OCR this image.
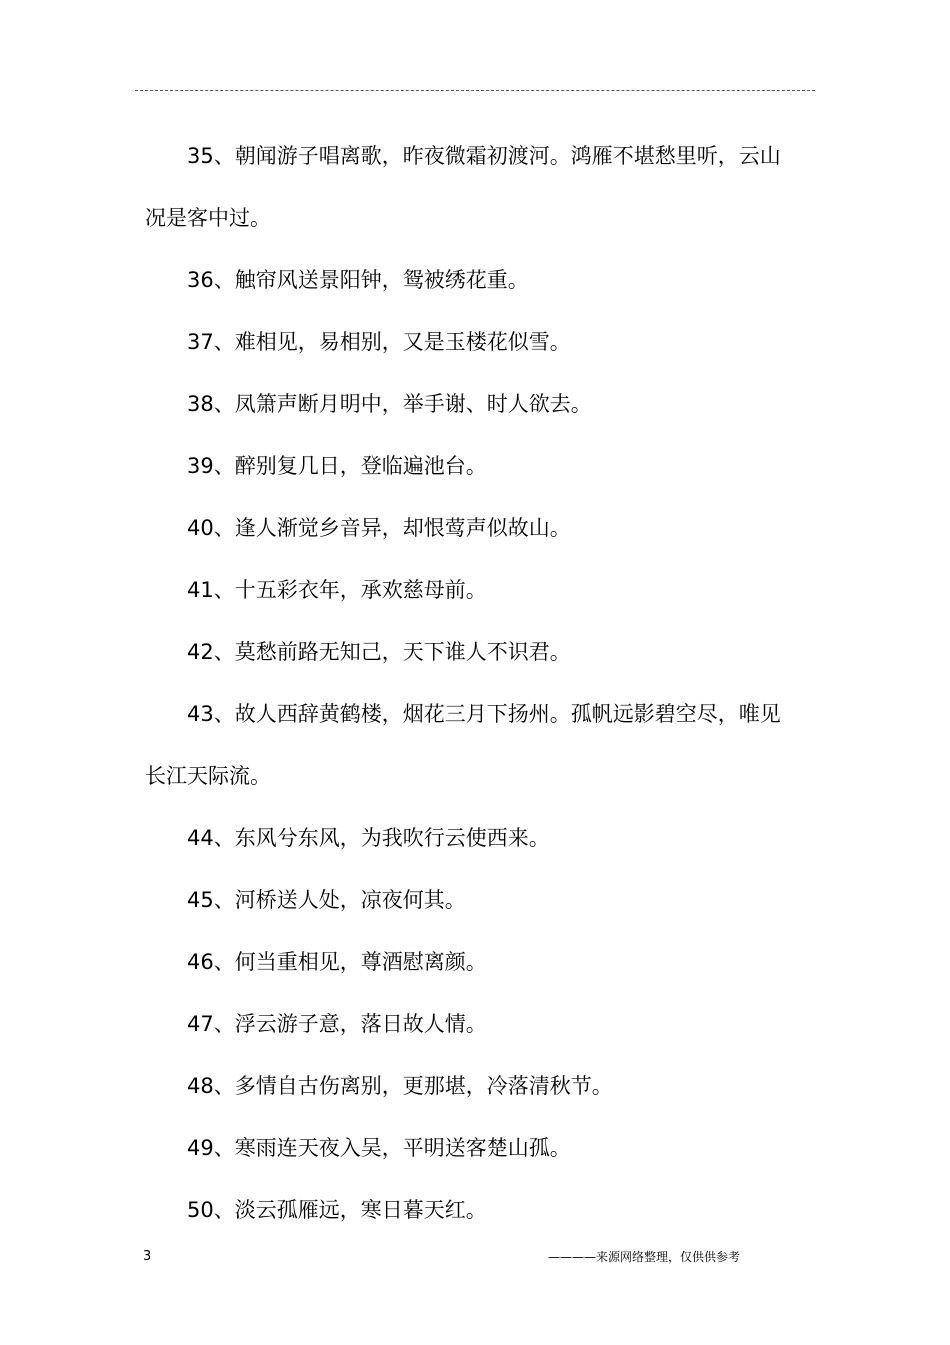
35、朝闻游子唱离歌，昨夜微霜初渡河。鸿雁不堪愁里听，云山况是客中过。

36、触帘风送景阳钟，鸳被绣花重。

37、难相见，易相别，又是玉楼花似雪。

38、凤箫声断月明中，举手谢、时人欲去。

39、醉别复几日，登临遍池台。

40、逢人渐觉乡音异，却恨莺声似故山。

41、十五彩衣年，承欢慈母前。

42、莫愁前路无知己，天下谁人不识君。

43、故人西辞黄鹤楼，烟花三月下扬州。孤帆远影碧空尽，唯见长江天际流。

44、东风兮东风，为我吹行云使西来。

45、河桥送人处，凉夜何其。

46、何当重相见，尊酒慰离颜。

47、浮云游子意，落日故人情。

48、多情自古伤离别，更那堪，冷落清秋节。

49、寒雨连天夜入吴，平明送客楚山孤。

50、淡云孤雁远，寒日暮天红。

3	————来源网络整理，仅供供参考
